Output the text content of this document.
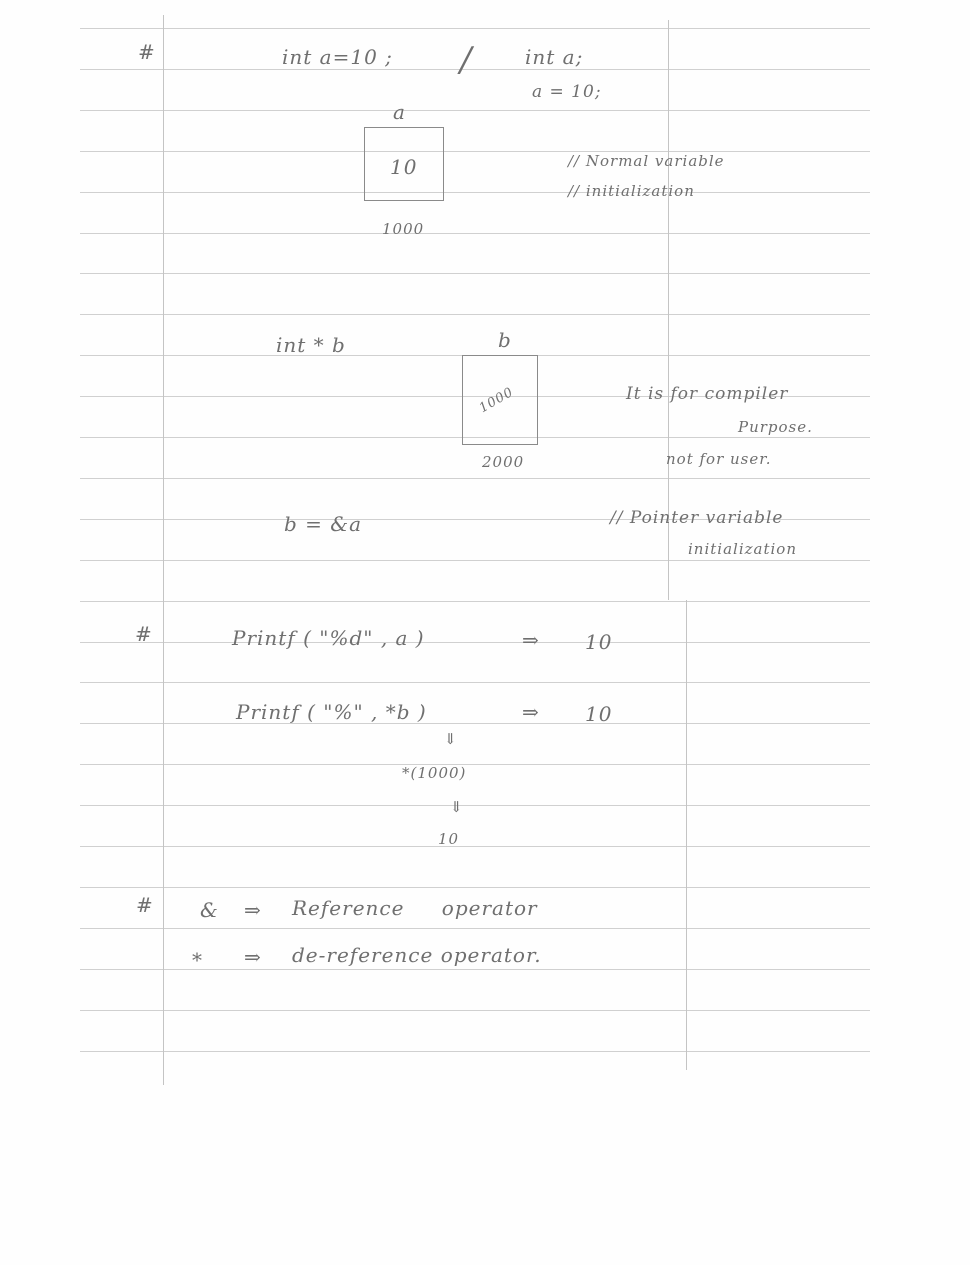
#	int a=10 ; /	int a;
a = 10;
a
10
1000
// Normal variable
// initialization
int * b	b
1000
2000
It is for compiler
Purpose.
not for user.
b = &a	// Pointer variable
initialization
#	Printf ( "%d" , a )	⇒ 10
Printf ( "%" , *b )	⇒ 10
⇓
*(1000)
⇓
10
# & ⇒ Reference operator
* ⇒ de-reference operator.
